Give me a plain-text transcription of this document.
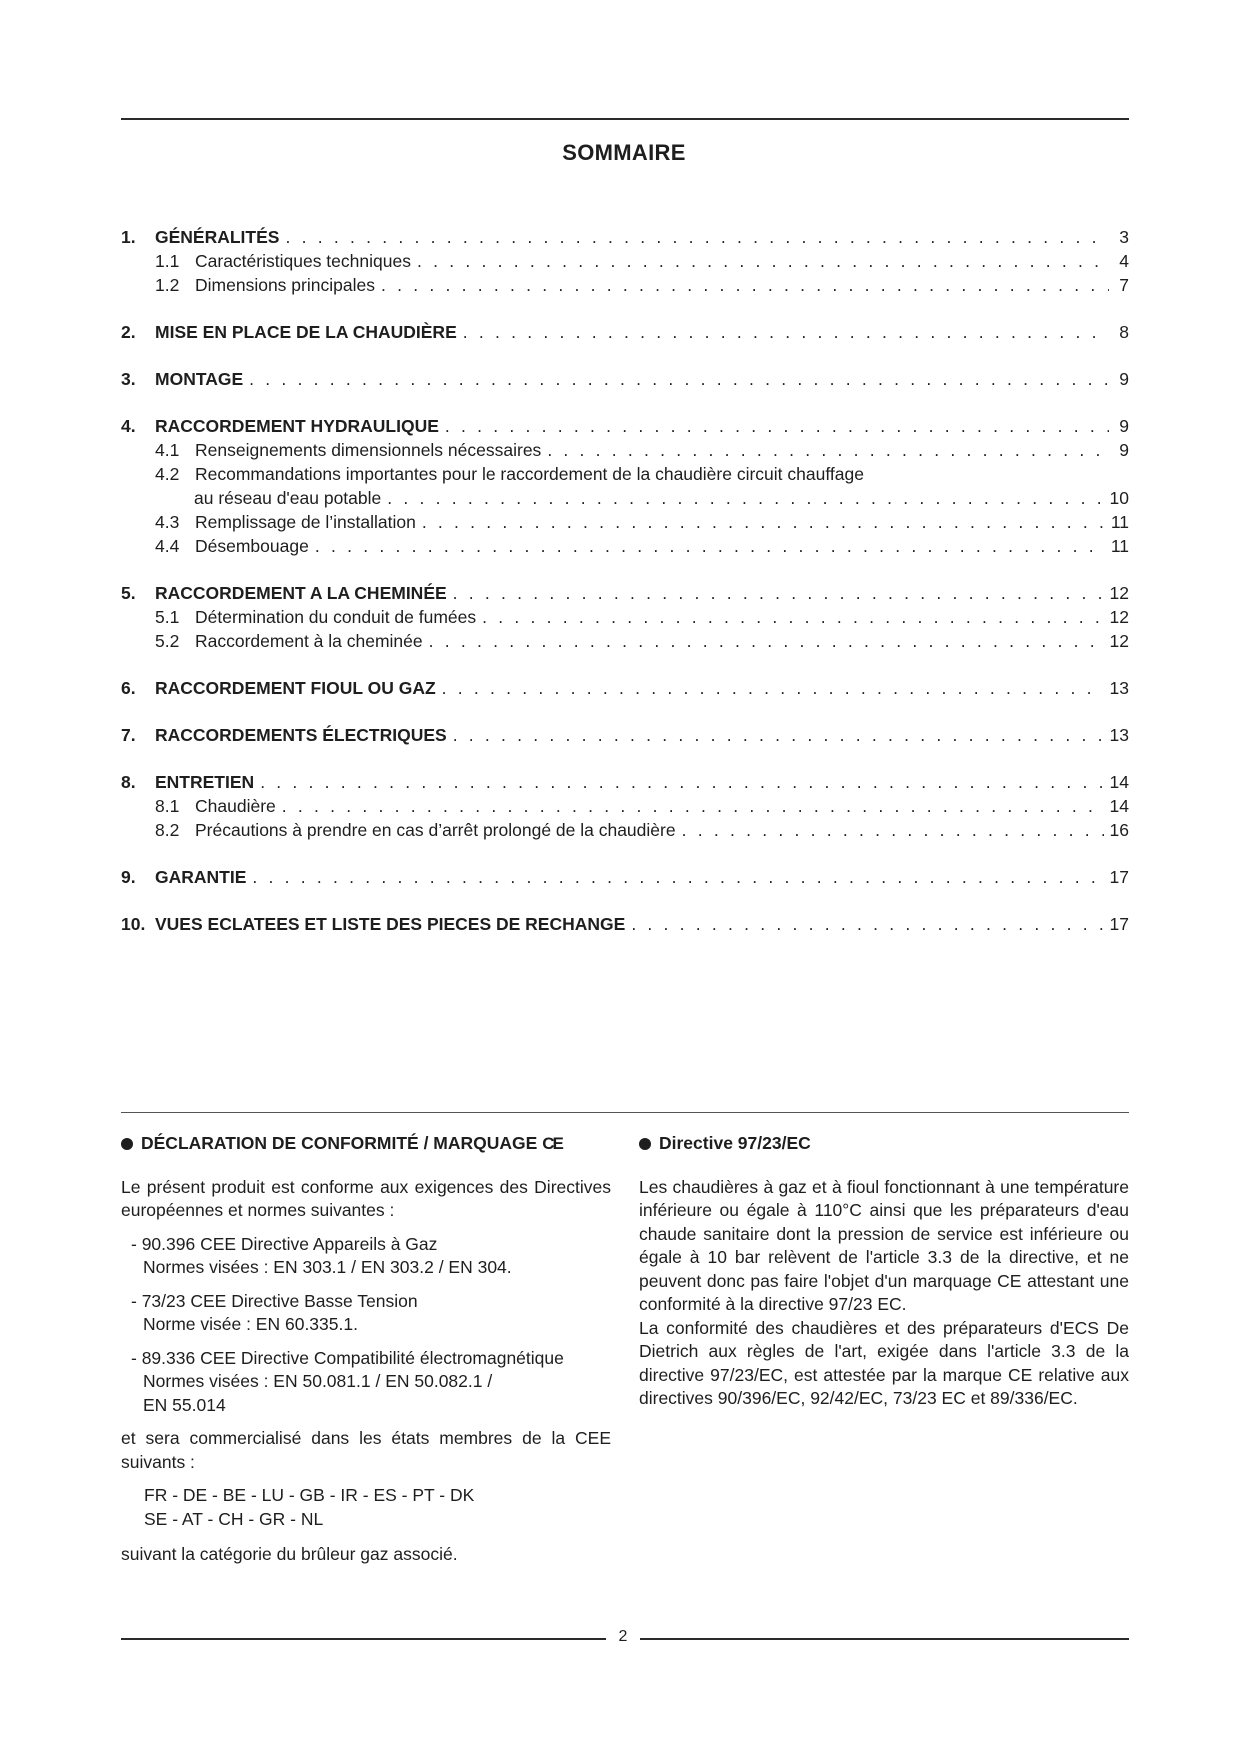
SOMMAIRE
1. GÉNÉRALITÉS . . .	3
1.1 Caractéristiques techniques . . .	4
1.2 Dimensions principales . . .	7
2. MISE EN PLACE DE LA CHAUDIÈRE . . .	8
3. MONTAGE . . .	9
4. RACCORDEMENT HYDRAULIQUE . . .	9
4.1 Renseignements dimensionnels nécessaires . . .	9
4.2 Recommandations importantes pour le raccordement de la chaudière circuit chauffage
au réseau d'eau potable . . .	10
4.3 Remplissage de l’installation . . .	11
4.4 Désembouage . . .	11
5. RACCORDEMENT A LA CHEMINÉE . . .	12
5.1 Détermination du conduit de fumées . . .	12
5.2 Raccordement à la cheminée . . .	12
6. RACCORDEMENT FIOUL OU GAZ . . .	13
7. RACCORDEMENTS ÉLECTRIQUES . . .	13
8. ENTRETIEN . . .	14
8.1 Chaudière . . .	14
8.2 Précautions à prendre en cas d’arrêt prolongé de la chaudière . . .	16
9. GARANTIE . . .	17
10. VUES ECLATEES ET LISTE DES PIECES DE RECHANGE . . .	17
DÉCLARATION DE CONFORMITÉ / MARQUAGE CE

Le présent produit est conforme aux exigences des Directives européennes et normes suivantes :

- 90.396 CEE Directive Appareils à Gaz
Normes visées : EN 303.1 / EN 303.2 / EN 304.
- 73/23 CEE Directive Basse Tension
Norme visée : EN 60.335.1.
- 89.336 CEE Directive Compatibilité électromagnétique
Normes visées : EN 50.081.1 / EN 50.082.1 /
EN 55.014

et sera commercialisé dans les états membres de la CEE suivants :

FR - DE - BE - LU - GB - IR - ES - PT - DK
SE - AT - CH - GR - NL

suivant la catégorie du brûleur gaz associé.

Directive 97/23/EC

Les chaudières à gaz et à fioul fonctionnant à une température inférieure ou égale à 110°C ainsi que les préparateurs d'eau chaude sanitaire dont la pression de service est inférieure ou égale à 10 bar relèvent de l'article 3.3 de la directive, et ne peuvent donc pas faire l'objet d'un marquage CE attestant une conformité à la directive 97/23 EC.

La conformité des chaudières et des préparateurs d'ECS De Dietrich aux règles de l'art, exigée dans l'article 3.3 de la directive 97/23/EC, est attestée par la marque CE relative aux directives 90/396/EC, 92/42/EC, 73/23 EC et 89/336/EC.

2
